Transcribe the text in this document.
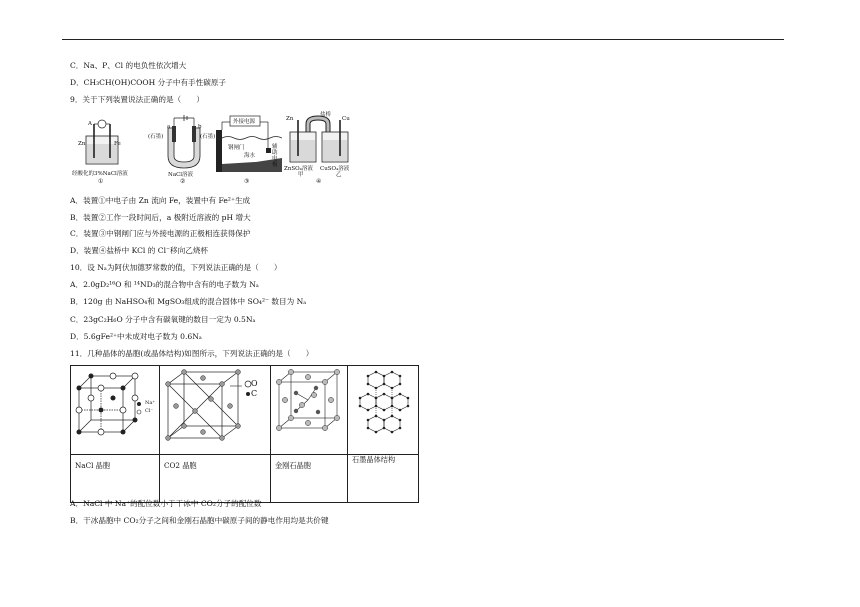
C．Na、P、Cl 的电负性依次增大
D．CH₃CH(OH)COOH 分子中有手性碳原子
9．关于下列装置说法正确的是（　　）
A
Zn	Fe
经酸化的3%NaCl溶液
①
a	b
(石墨)	(石墨)
NaCl溶液
②
外接电源
钢闸门
海水
辅助电极
③
Zn
盐桥
Cu
ZnSO₄溶液 CuSO₄溶液
甲	乙
④
A．装置①中电子由 Zn 流向 Fe，装置中有 Fe²⁺生成
B．装置②工作一段时间后，a 极附近溶液的 pH 增大
C．装置③中钢闸门应与外接电源的正极相连获得保护
D．装置④盐桥中 KCl 的 Cl⁻移向乙烧杯
10．设 Nₐ为阿伏加德罗常数的值，下列说法正确的是（　　）
A．2.0gD₂¹⁶O 和 ¹⁴ND₃的混合物中含有的电子数为 Nₐ
B．120g 由 NaHSO₄和 MgSO₃组成的混合固体中 SO₄²⁻ 数目为 Nₐ
C．23gC₂H₆O 分子中含有碳氧键的数目一定为 0.5Nₐ
D．5.6gFe²⁺中未成对电子数为 0.6Nₐ
11．几种晶体的晶胞(或晶体结构)如图所示，下列说法正确的是（　　）

NaCl 晶胞	CO2 晶胞	金刚石晶胞	石墨晶体结构
Na⁺
Cl⁻
O
C
A．NaCl 中 Na⁺的配位数小于干冰中 CO₂分子的配位数
B．干冰晶胞中 CO₂分子之间和金刚石晶胞中碳原子间的静电作用均是共价键
